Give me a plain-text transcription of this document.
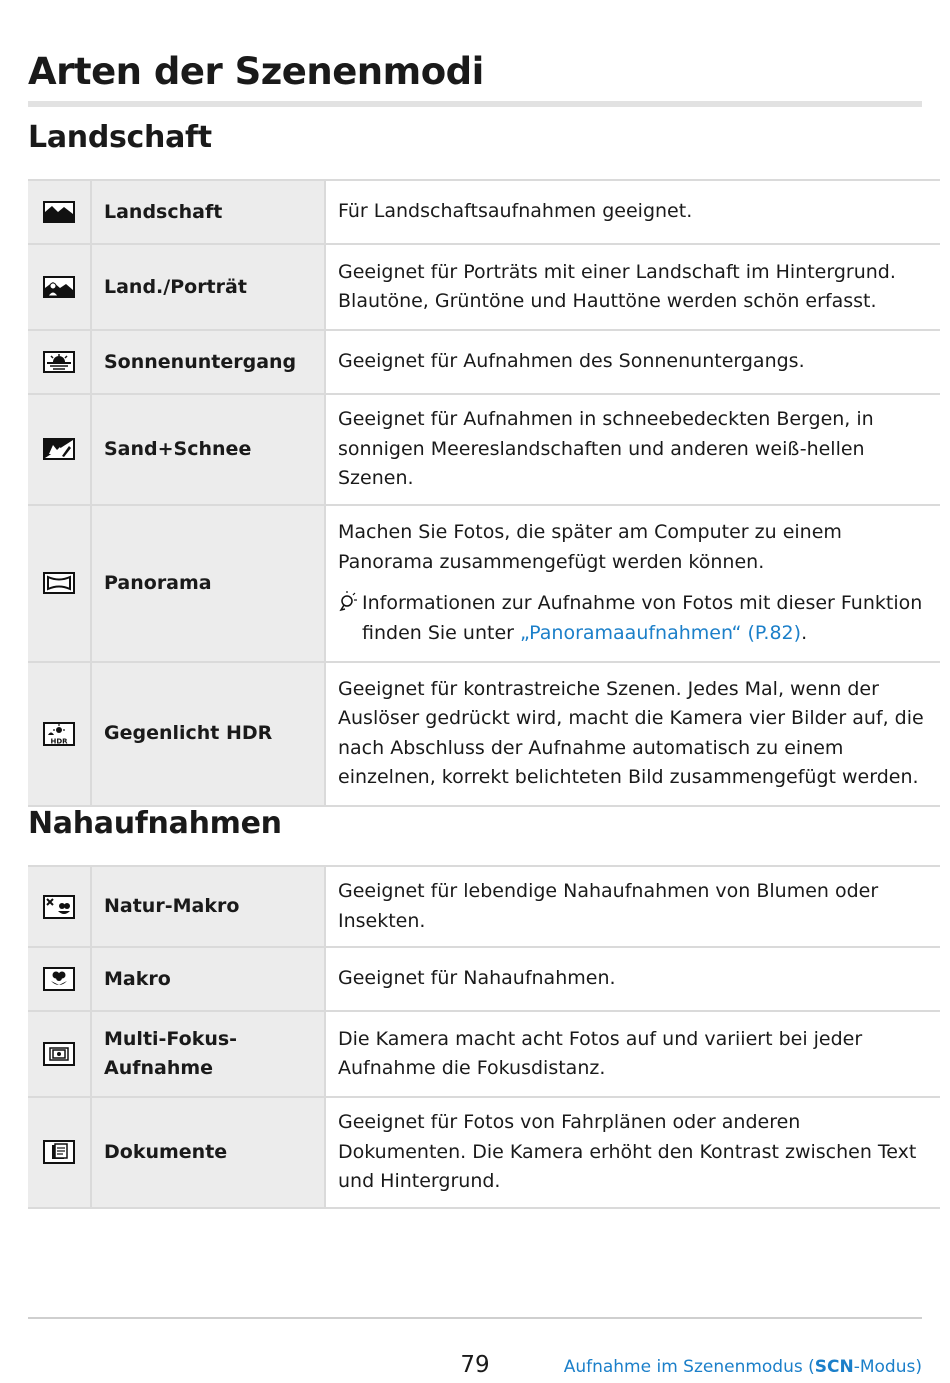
Arten der Szenenmodi
Landschaft
	Landschaft	Für Landschaftsaufnahmen geeignet.
	Land./Porträt	Geeignet für Porträts mit einer Landschaft im Hintergrund. Blautöne, Grüntöne und Hauttöne werden schön erfasst.
	Sonnenuntergang	Geeignet für Aufnahmen des Sonnenuntergangs.
	Sand+Schnee	Geeignet für Aufnahmen in schneebedeckten Bergen, in sonnigen Meereslandschaften und anderen weiß-hellen Szenen.
	Panorama	Machen Sie Fotos, die später am Computer zu einem Panorama zusammengefügt werden können.
Informationen zur Aufnahme von Fotos mit dieser Funktion finden Sie unter „Panoramaaufnahmen“ (P.82).

HDR	Gegenlicht HDR	Geeignet für kontrastreiche Szenen. Jedes Mal, wenn der Auslöser gedrückt wird, macht die Kamera vier Bilder auf, die nach Abschluss der Aufnahme automatisch zu einem einzelnen, korrekt belichteten Bild zusammengefügt werden.
Nahaufnahmen
	Natur-Makro	Geeignet für lebendige Nahaufnahmen von Blumen oder Insekten.
	Makro	Geeignet für Nahaufnahmen.
	Multi-Fokus-Aufnahme	Die Kamera macht acht Fotos auf und variiert bei jeder Aufnahme die Fokusdistanz.
	Dokumente	Geeignet für Fotos von Fahrplänen oder anderen Dokumenten. Die Kamera erhöht den Kontrast zwischen Text und Hintergrund.
79	Aufnahme im Szenenmodus (SCN-Modus)
